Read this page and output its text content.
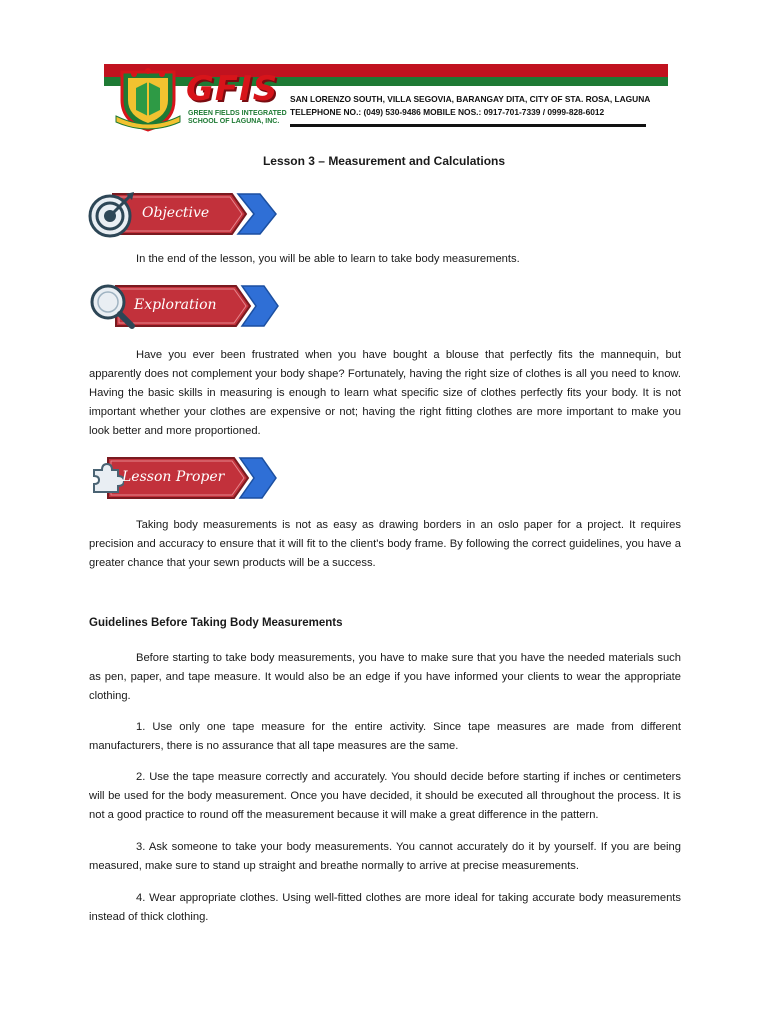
GFIS
GREEN FIELDS INTEGRATED SCHOOL OF LAGUNA, INC.
SAN LORENZO SOUTH, VILLA SEGOVIA, BARANGAY DITA, CITY OF STA. ROSA, LAGUNA
TELEPHONE NO.: (049) 530-9486 MOBILE NOS.: 0917-701-7339 / 0999-828-6012
Lesson 3 – Measurement and Calculations
Objective

In the end of the lesson, you will be able to learn to take body measurements.

Exploration

Have you ever been frustrated when you have bought a blouse that perfectly fits the mannequin, but apparently does not complement your body shape? Fortunately, having the right size of clothes is all you need to know. Having the basic skills in measuring is enough to learn what specific size of clothes perfectly fits your body. It is not important whether your clothes are expensive or not; having the right fitting clothes are more important to make you look better and more proportioned.

Lesson Proper

Taking body measurements is not as easy as drawing borders in an oslo paper for a project. It requires precision and accuracy to ensure that it will fit to the client's body frame. By following the correct guidelines, you have a greater chance that your sewn products will be a success.

Guidelines Before Taking Body Measurements

Before starting to take body measurements, you have to make sure that you have the needed materials such as pen, paper, and tape measure. It would also be an edge if you have informed your clients to wear the appropriate clothing.

1. Use only one tape measure for the entire activity. Since tape measures are made from different manufacturers, there is no assurance that all tape measures are the same.

2. Use the tape measure correctly and accurately. You should decide before starting if inches or centimeters will be used for the body measurement. Once you have decided, it should be executed all throughout the process. It is not a good practice to round off the measurement because it will make a great difference in the pattern.

3. Ask someone to take your body measurements. You cannot accurately do it by yourself. If you are being measured, make sure to stand up straight and breathe normally to arrive at precise measurements.

4. Wear appropriate clothes. Using well-fitted clothes are more ideal for taking accurate body measurements instead of thick clothing.
